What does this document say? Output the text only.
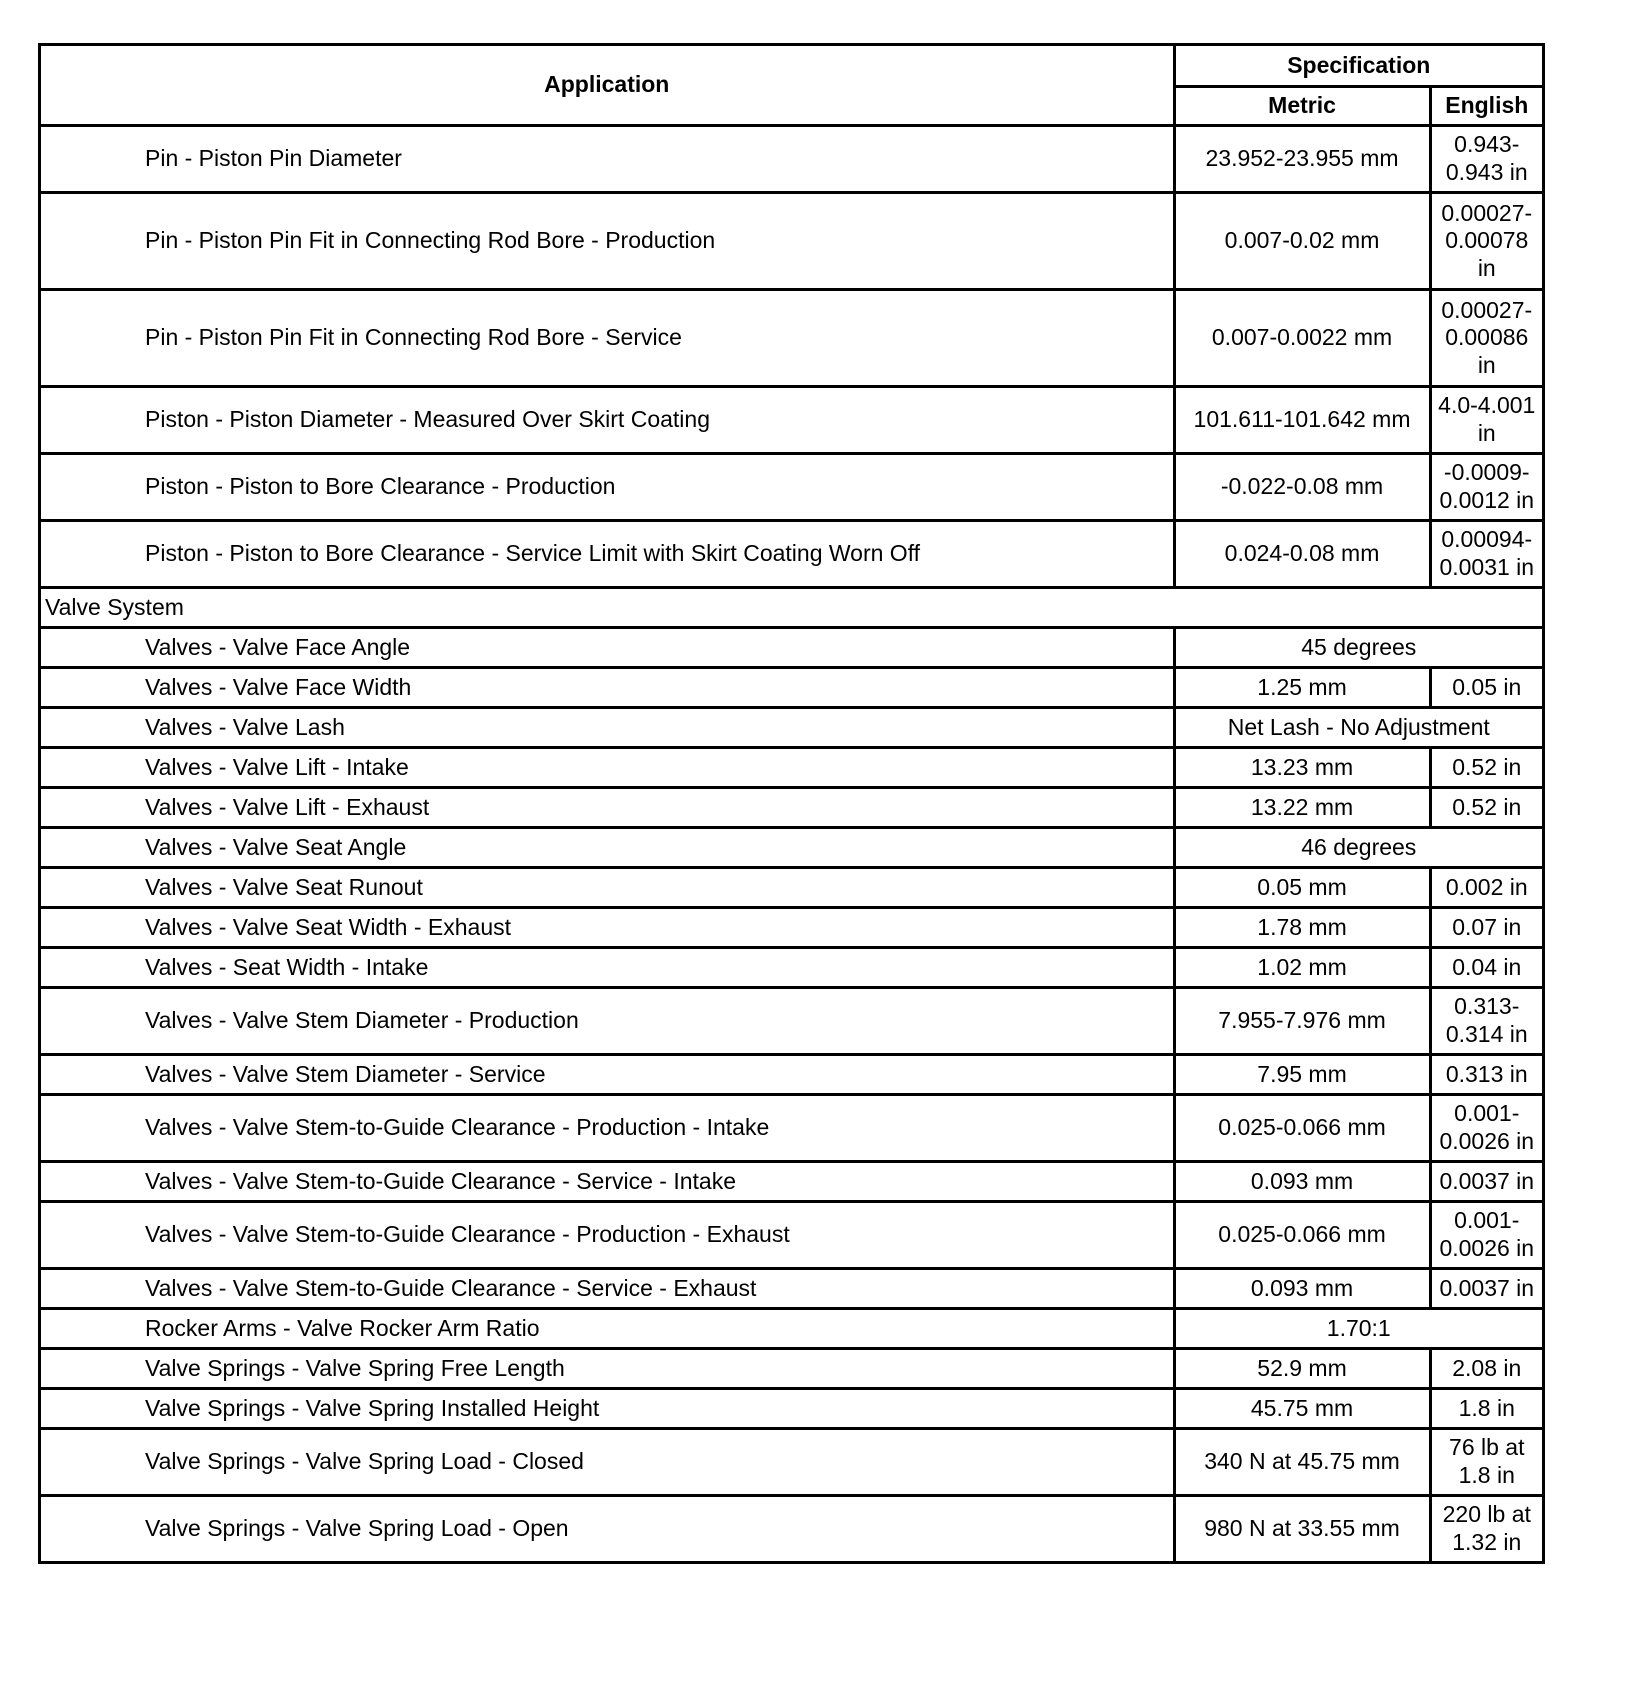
Application	Specification	
	Metric	English
Pin - Piston Pin Diameter	23.952-23.955 mm	0.943-0.943 in
Pin - Piston Pin Fit in Connecting Rod Bore - Production	0.007-0.02 mm	0.00027-0.00078 in
Pin - Piston Pin Fit in Connecting Rod Bore - Service	0.007-0.0022 mm	0.00027-0.00086 in
Piston - Piston Diameter - Measured Over Skirt Coating	101.611-101.642 mm	4.0-4.001 in
Piston - Piston to Bore Clearance - Production	-0.022-0.08 mm	-0.0009-0.0012 in
Piston - Piston to Bore Clearance - Service Limit with Skirt Coating Worn Off	0.024-0.08 mm	0.00094-0.0031 in
Valve System		
Valves - Valve Face Angle	45 degrees	
Valves - Valve Face Width	1.25 mm	0.05 in
Valves - Valve Lash	Net Lash - No Adjustment	
Valves - Valve Lift - Intake	13.23 mm	0.52 in
Valves - Valve Lift - Exhaust	13.22 mm	0.52 in
Valves - Valve Seat Angle	46 degrees	
Valves - Valve Seat Runout	0.05 mm	0.002 in
Valves - Valve Seat Width - Exhaust	1.78 mm	0.07 in
Valves - Seat Width - Intake	1.02 mm	0.04 in
Valves - Valve Stem Diameter - Production	7.955-7.976 mm	0.313-0.314 in
Valves - Valve Stem Diameter - Service	7.95 mm	0.313 in
Valves - Valve Stem-to-Guide Clearance - Production - Intake	0.025-0.066 mm	0.001-0.0026 in
Valves - Valve Stem-to-Guide Clearance - Service - Intake	0.093 mm	0.0037 in
Valves - Valve Stem-to-Guide Clearance - Production - Exhaust	0.025-0.066 mm	0.001-0.0026 in
Valves - Valve Stem-to-Guide Clearance - Service - Exhaust	0.093 mm	0.0037 in
Rocker Arms - Valve Rocker Arm Ratio	1.70:1	
Valve Springs - Valve Spring Free Length	52.9 mm	2.08 in
Valve Springs - Valve Spring Installed Height	45.75 mm	1.8 in
Valve Springs - Valve Spring Load - Closed	340 N at 45.75 mm	76 lb at 1.8 in
Valve Springs - Valve Spring Load - Open	980 N at 33.55 mm	220 lb at 1.32 in
